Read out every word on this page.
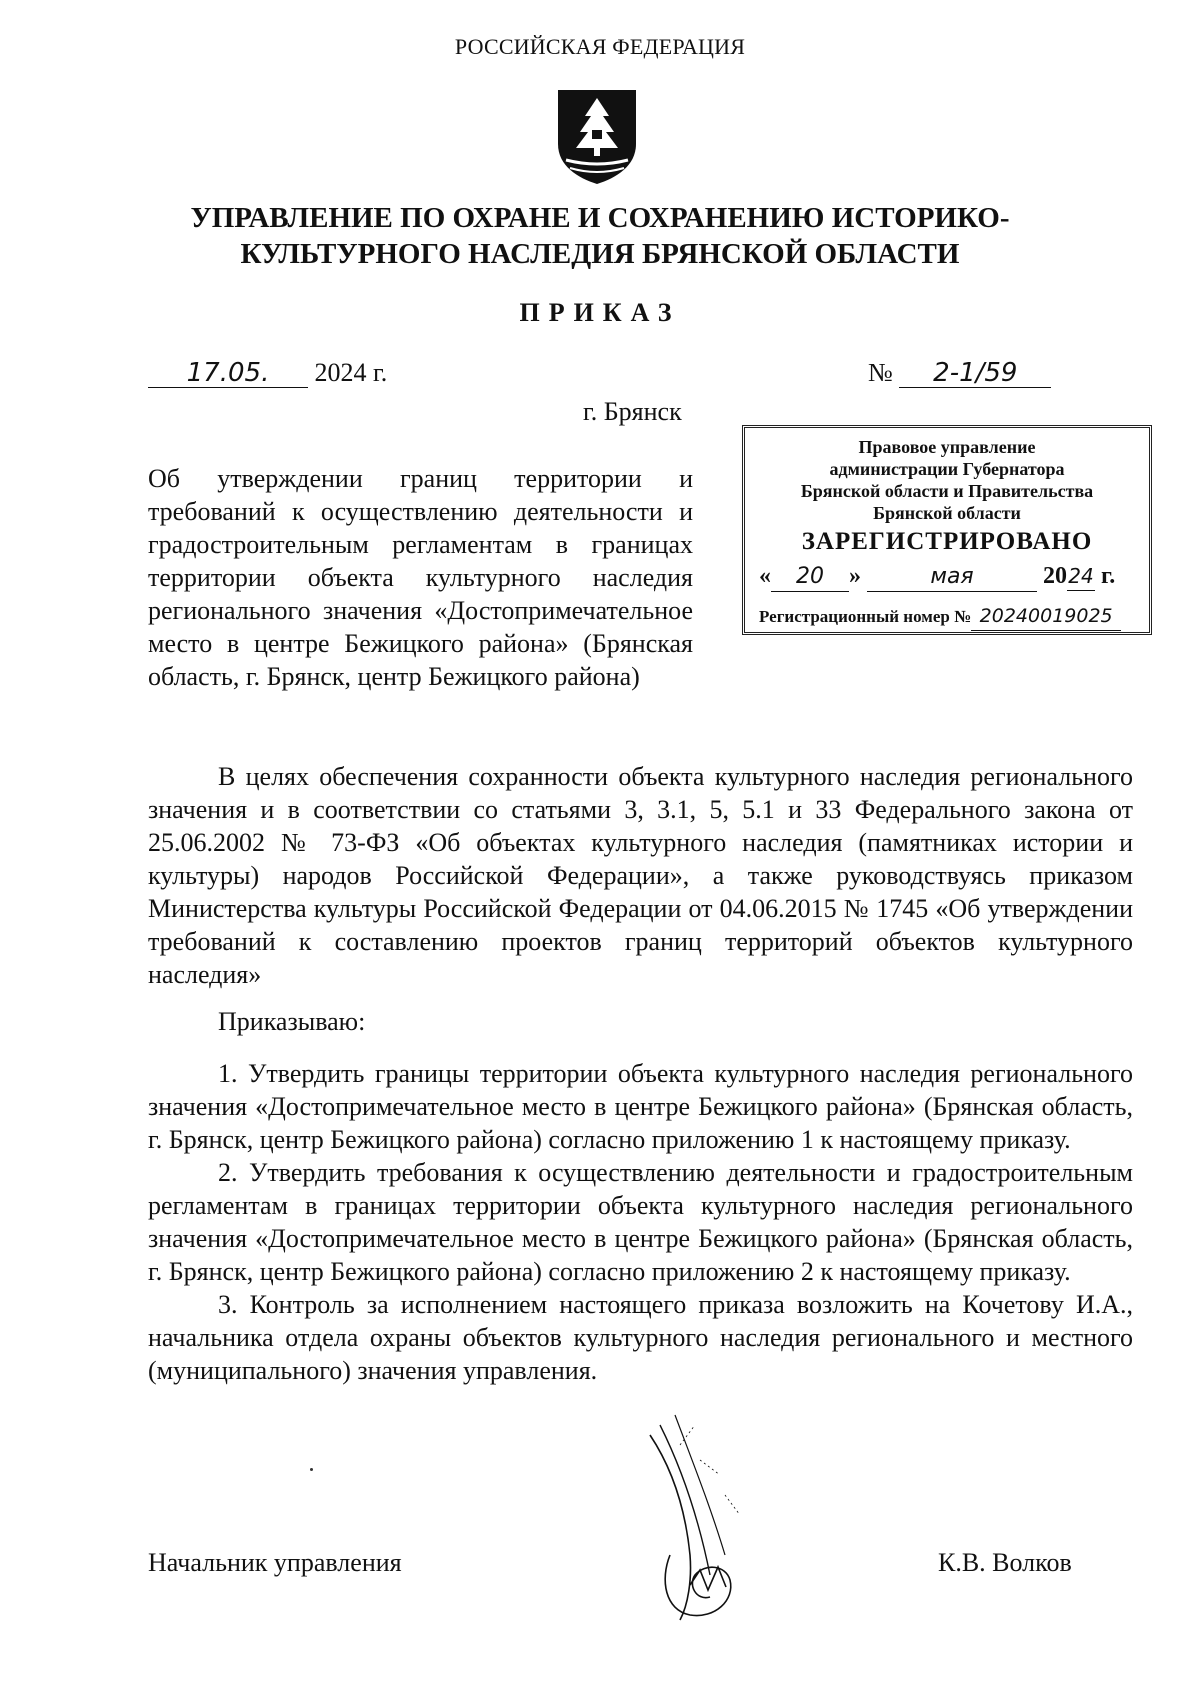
РОССИЙСКАЯ ФЕДЕРАЦИЯ
УПРАВЛЕНИЕ ПО ОХРАНЕ И СОХРАНЕНИЮ ИСТОРИКО-
КУЛЬТУРНОГО НАСЛЕДИЯ БРЯНСКОЙ ОБЛАСТИ
ПРИКАЗ
17.05. 2024 г.	№ 2-1/59
г. Брянск
Правовое управление
администрации Губернатора
Брянской области и Правительства
Брянской области
ЗАРЕГИСТРИРОВАНО
« 20 »	мая	2024 г.
Регистрационный номер № 20240019025
Об утверждении границ территории и требований к осуществлению деятельности и градостроительным регламентам в границах территории объекта культурного наследия регионального значения «Достопримечательное место в центре Бежицкого района» (Брянская область, г. Брянск, центр Бежицкого района)

В целях обеспечения сохранности объекта культурного наследия регионального значения и в соответствии со статьями 3, 3.1, 5, 5.1 и 33 Федерального закона от 25.06.2002 № 73-ФЗ «Об объектах культурного наследия (памятниках истории и культуры) народов Российской Федерации», а также руководствуясь приказом Министерства культуры Российской Федерации от 04.06.2015 № 1745 «Об утверждении требований к составлению проектов границ территорий объектов культурного наследия»

Приказываю:

1. Утвердить границы территории объекта культурного наследия регионального значения «Достопримечательное место в центре Бежицкого района» (Брянская область, г. Брянск, центр Бежицкого района) согласно приложению 1 к настоящему приказу.

2. Утвердить требования к осуществлению деятельности и градостроительным регламентам в границах территории объекта культурного наследия регионального значения «Достопримечательное место в центре Бежицкого района» (Брянская область, г. Брянск, центр Бежицкого района) согласно приложению 2 к настоящему приказу.

3. Контроль за исполнением настоящего приказа возложить на Кочетову И.А., начальника отдела охраны объектов культурного наследия регионального и местного (муниципального) значения управления.

Начальник управления	К.В. Волков
